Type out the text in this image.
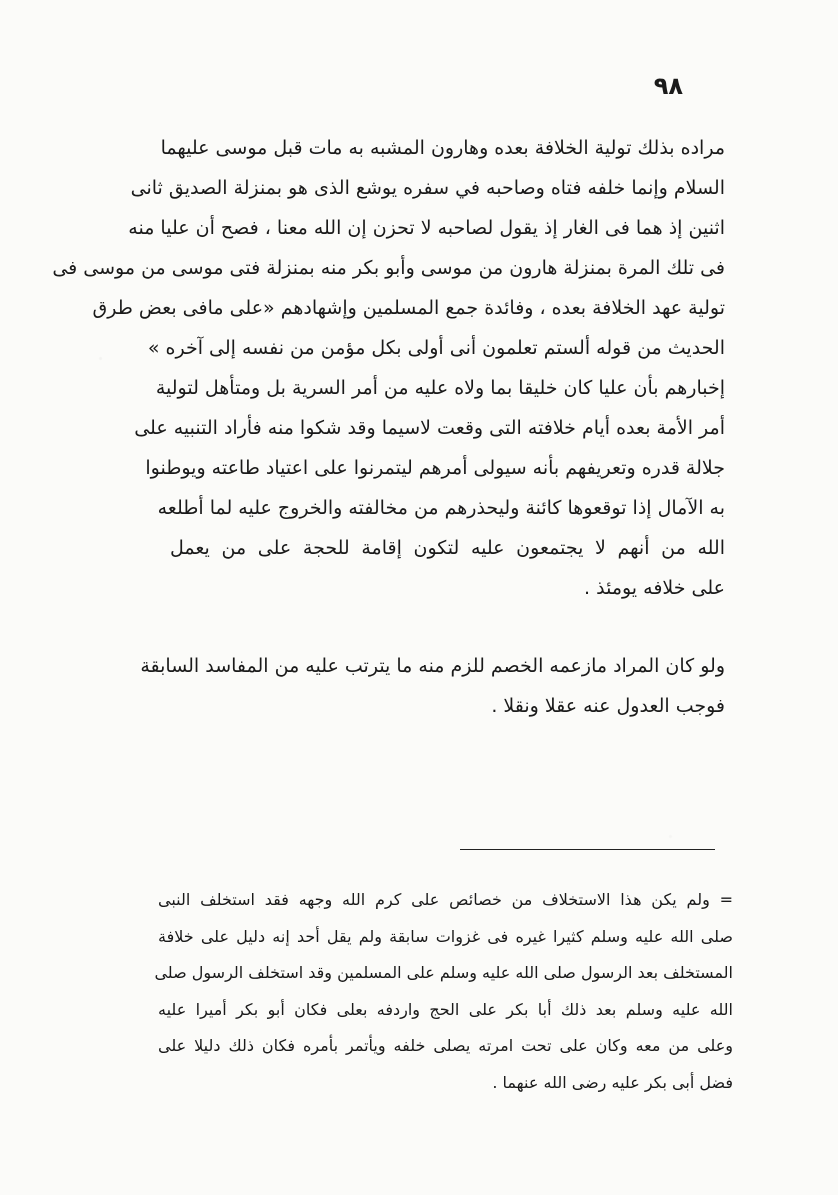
٩٨
مراده بذلك تولية الخلافة بعده وهارون المشبه به مات قبل موسى عليهما
السلام وإنما خلفه فتاه وصاحبه في سفره يوشع الذى هو بمنزلة الصديق ثانى
اثنين إذ هما فى الغار إذ يقول لصاحبه لا تحزن إن الله معنا ، فصح أن عليا منه
فى تلك المرة بمنزلة هارون من موسى وأبو بكر منه بمنزلة فتى موسى من موسى فى
تولية عهد الخلافة بعده ، وفائدة جمع المسلمين وإشهادهم «على مافى بعض طرق
الحديث من قوله ألستم تعلمون أنى أولى بكل مؤمن من نفسه إلى آخره »
إخبارهم بأن عليا كان خليقا بما ولاه عليه من أمر السرية بل ومتأهل لتولية
أمر الأمة بعده أيام خلافته التى وقعت لاسيما وقد شكوا منه فأراد التنبيه على
جلالة قدره وتعريفهم بأنه سيولى أمرهم ليتمرنوا على اعتياد طاعته ويوطنوا
به الآمال إذا توقعوها كائنة وليحذرهم من مخالفته والخروج عليه لما أطلعه
الله من أنهم لا يجتمعون عليه لتكون إقامة للحجة على من يعمل
على خلافه يومئذ .
ولو كان المراد مازعمه الخصم للزم منه ما يترتب عليه من المفاسد السابقة
فوجب العدول عنه عقلا ونقلا .
= ولم يكن هذا الاستخلاف من خصائص على كرم الله وجهه فقد استخلف النبى
صلى الله عليه وسلم كثيرا غيره فى غزوات سابقة ولم يقل أحد إنه دليل على خلافة
المستخلف بعد الرسول صلى الله عليه وسلم على المسلمين وقد استخلف الرسول صلى
الله عليه وسلم بعد ذلك أبا بكر على الحج واردفه بعلى فكان أبو بكر أميرا عليه
وعلى من معه وكان على تحت امرته يصلى خلفه ويأتمر بأمره فكان ذلك دليلا على
فضل أبى بكر عليه رضى الله عنهما .
